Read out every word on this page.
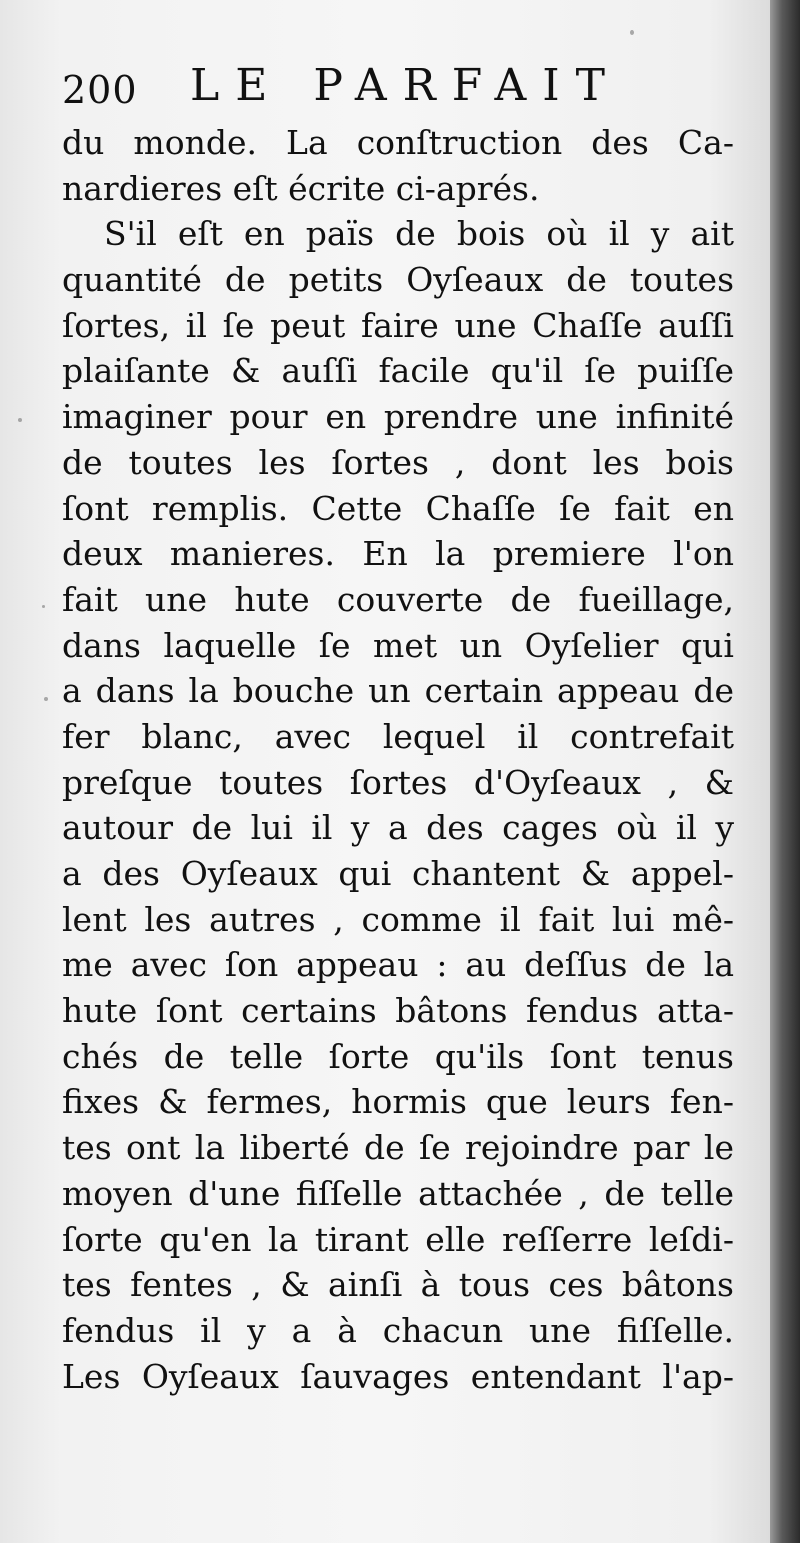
200 LE PARFAIT
du monde. La conſtruction des Ca-
nardieres eſt écrite ci-aprés.
S'il eſt en païs de bois où il y ait
quantité de petits Oyſeaux de toutes
ſortes, il ſe peut faire une Chaſſe auſſi
plaiſante & auſſi facile qu'il ſe puiſſe
imaginer pour en prendre une infinité
de toutes les ſortes , dont les bois
ſont remplis. Cette Chaſſe ſe fait en
deux manieres. En la premiere l'on
fait une hute couverte de fueillage,
dans laquelle ſe met un Oyſelier qui
a dans la bouche un certain appeau de
fer blanc, avec lequel il contrefait
preſque toutes ſortes d'Oyſeaux , &
autour de lui il y a des cages où il y
a des Oyſeaux qui chantent & appel-
lent les autres , comme il fait lui mê-
me avec ſon appeau : au deſſus de la
hute ſont certains bâtons fendus atta-
chés de telle ſorte qu'ils ſont tenus
fixes & fermes, hormis que leurs fen-
tes ont la liberté de ſe rejoindre par le
moyen d'une fiſſelle attachée , de telle
ſorte qu'en la tirant elle reſſerre leſdi-
tes fentes , & ainſi à tous ces bâtons
fendus il y a à chacun une fiſſelle.
Les Oyſeaux ſauvages entendant l'ap-
